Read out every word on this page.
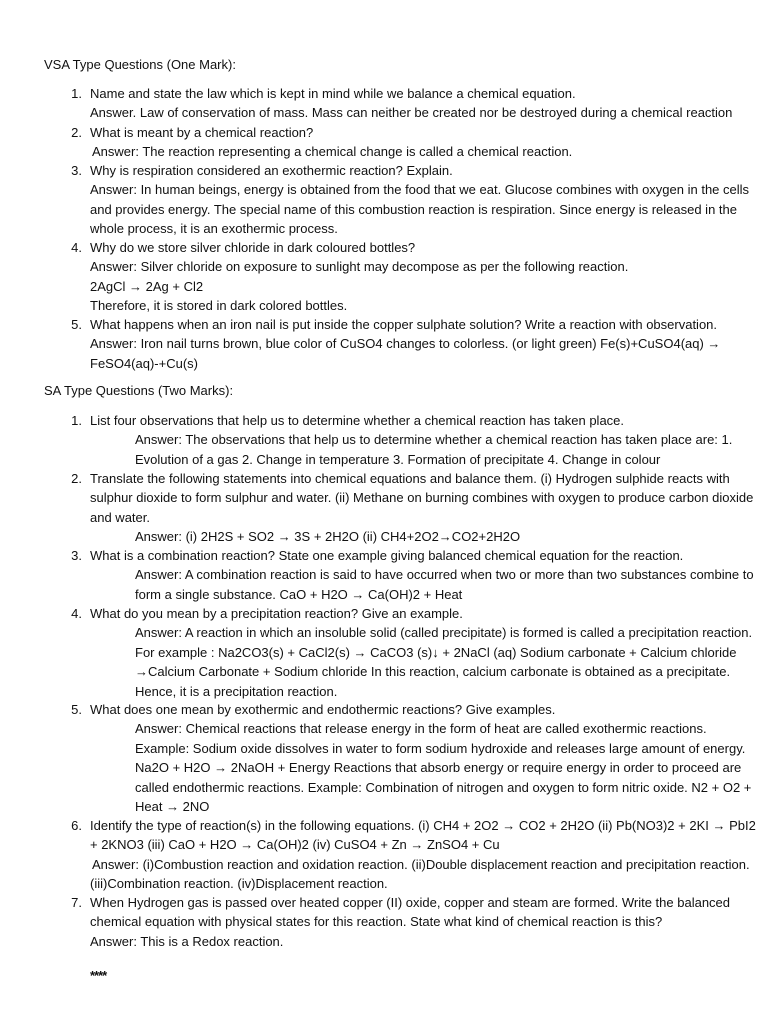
VSA Type Questions (One Mark):
1. Name and state the law which is kept in mind while we balance a chemical equation.
Answer. Law of conservation of mass. Mass can neither be created nor be destroyed during a chemical reaction
2. What is meant by a chemical reaction?
Answer: The reaction representing a chemical change is called a chemical reaction.
3. Why is respiration considered an exothermic reaction? Explain.
Answer: In human beings, energy is obtained from the food that we eat. Glucose combines with oxygen in the cells
and provides energy. The special name of this combustion reaction is respiration. Since energy is released in the
whole process, it is an exothermic process.
4. Why do we store silver chloride in dark coloured bottles?
Answer: Silver chloride on exposure to sunlight may decompose as per the following reaction.
2AgCl → 2Ag + Cl2
Therefore, it is stored in dark colored bottles.
5. What happens when an iron nail is put inside the copper sulphate solution? Write a reaction with observation.
Answer: Iron nail turns brown, blue color of CuSO4 changes to colorless. (or light green) Fe(s)+CuSO4(aq) →
FeSO4(aq)-+Cu(s)
SA Type Questions (Two Marks):
1. List four observations that help us to determine whether a chemical reaction has taken place.
Answer: The observations that help us to determine whether a chemical reaction has taken place are: 1.
Evolution of a gas 2. Change in temperature 3. Formation of precipitate 4. Change in colour
2. Translate the following statements into chemical equations and balance them. (i) Hydrogen sulphide reacts with
sulphur dioxide to form sulphur and water. (ii) Methane on burning combines with oxygen to produce carbon dioxide
and water.
Answer: (i) 2H2S + SO2 → 3S + 2H2O (ii) CH4+2O2→CO2+2H2O
3. What is a combination reaction? State one example giving balanced chemical equation for the reaction.
Answer: A combination reaction is said to have occurred when two or more than two substances combine to
form a single substance. CaO + H2O → Ca(OH)2 + Heat
4. What do you mean by a precipitation reaction? Give an example.
Answer: A reaction in which an insoluble solid (called precipitate) is formed is called a precipitation reaction.
For example : Na2CO3(s) + CaCl2(s) → CaCO3 (s)↓ + 2NaCl (aq) Sodium carbonate + Calcium chloride
→Calcium Carbonate + Sodium chloride In this reaction, calcium carbonate is obtained as a precipitate.
Hence, it is a precipitation reaction.
5. What does one mean by exothermic and endothermic reactions? Give examples.
Answer: Chemical reactions that release energy in the form of heat are called exothermic reactions.
Example: Sodium oxide dissolves in water to form sodium hydroxide and releases large amount of energy.
Na2O + H2O → 2NaOH + Energy Reactions that absorb energy or require energy in order to proceed are
called endothermic reactions. Example: Combination of nitrogen and oxygen to form nitric oxide. N2 + O2 +
Heat → 2NO
6. Identify the type of reaction(s) in the following equations. (i) CH4 + 2O2 → CO2 + 2H2O (ii) Pb(NO3)2 + 2KI → PbI2
+ 2KNO3 (iii) CaO + H2O → Ca(OH)2 (iv) CuSO4 + Zn → ZnSO4 + Cu
Answer: (i)Combustion reaction and oxidation reaction. (ii)Double displacement reaction and precipitation reaction.
(iii)Combination reaction. (iv)Displacement reaction.
7. When Hydrogen gas is passed over heated copper (II) oxide, copper and steam are formed. Write the balanced
chemical equation with physical states for this reaction. State what kind of chemical reaction is this?
Answer: This is a Redox reaction.
****
